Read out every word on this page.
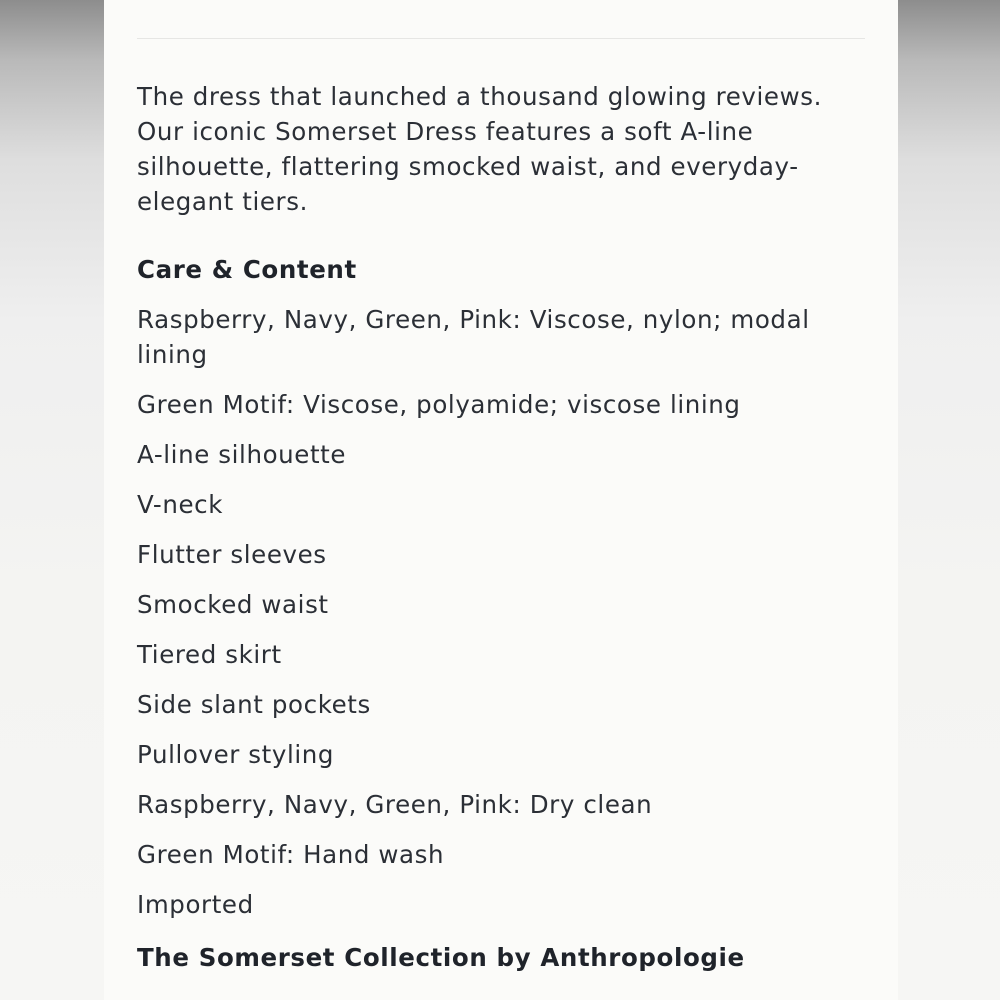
The dress that launched a thousand glowing reviews. Our iconic Somerset Dress features a soft A-line silhouette, flattering smocked waist, and everyday-elegant tiers.

Care & Content
Raspberry, Navy, Green, Pink: Viscose, nylon; modal lining
Green Motif: Viscose, polyamide; viscose lining
A-line silhouette
V-neck
Flutter sleeves
Smocked waist
Tiered skirt
Side slant pockets
Pullover styling
Raspberry, Navy, Green, Pink: Dry clean
Green Motif: Hand wash
Imported
The Somerset Collection by Anthropologie
